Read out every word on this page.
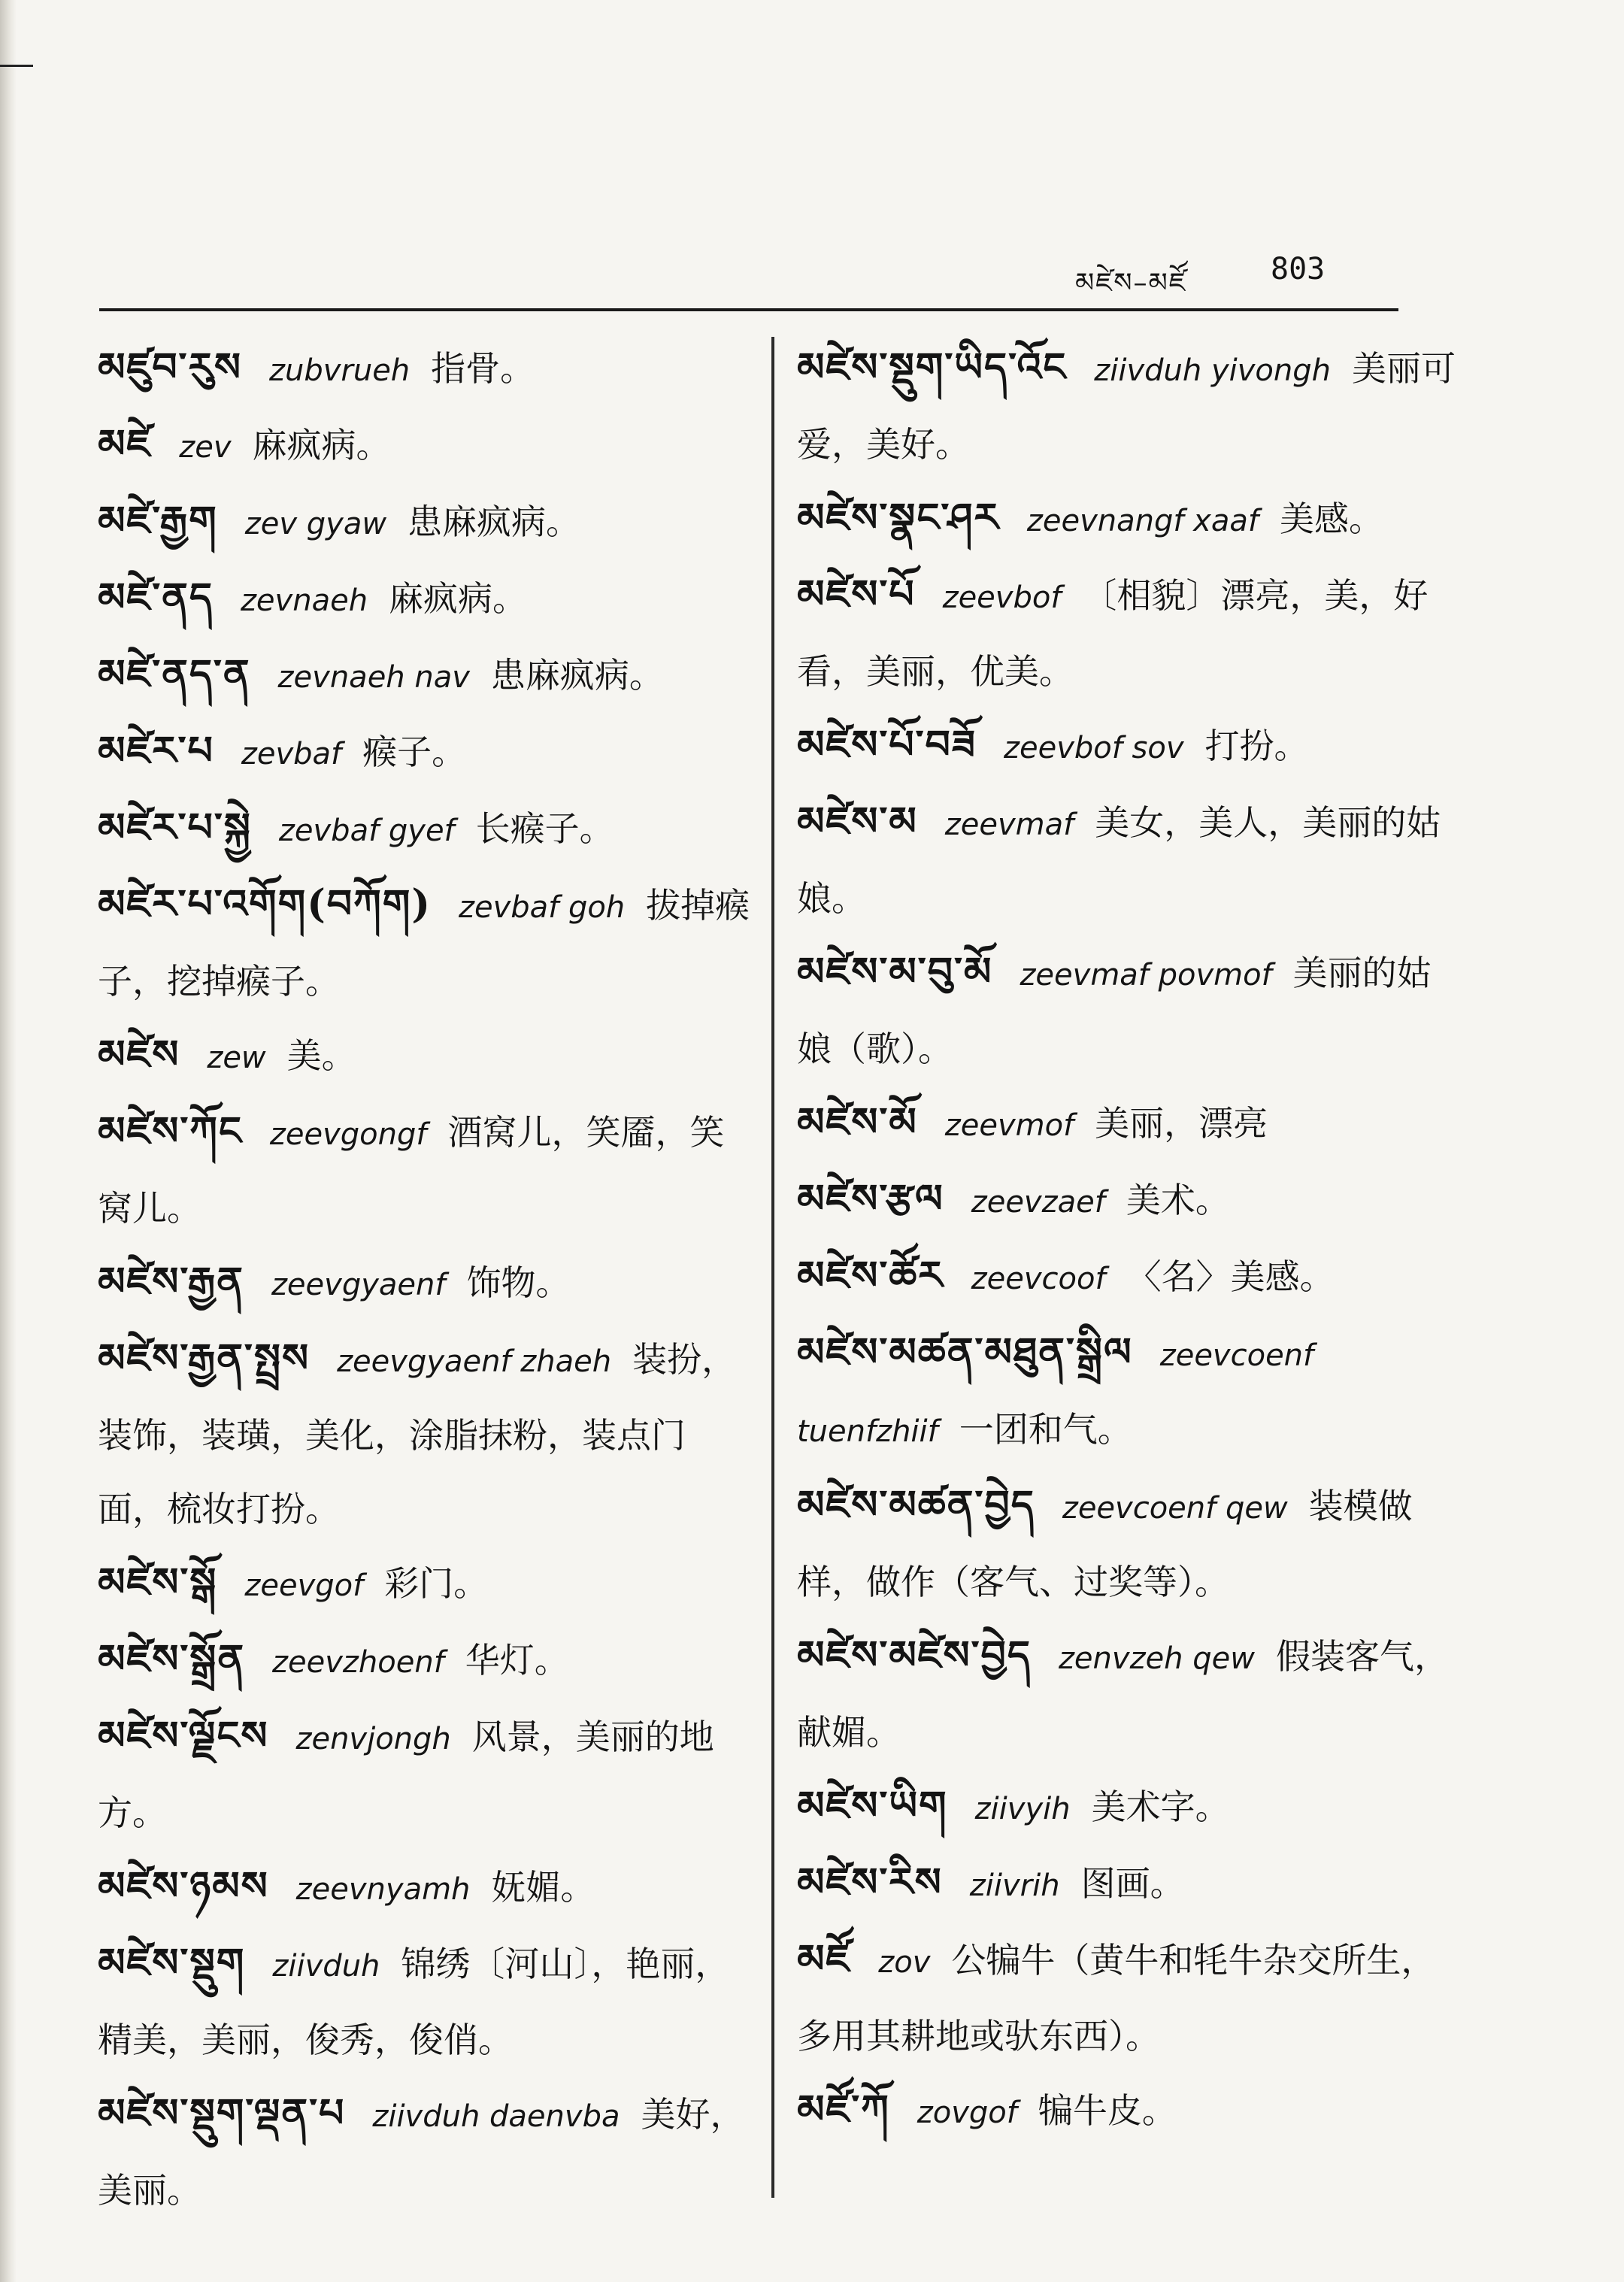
མཛེས–མཛོ	803

མཛུབ་རུས zubvrueh 指骨。

མཛེ zev 麻疯病。

མཛེ་རྒྱག zev gyaw 患麻疯病。

མཛེ་ནད zevnaeh 麻疯病。

མཛེ་ནད་ན zevnaeh nav 患麻疯病。

མཛེར་པ zevbaf 瘊子。

མཛེར་པ་སྐྱེ zevbaf gyef 长瘊子。

མཛེར་པ་འགོག(བཀོག) zevbaf goh 拔掉瘊子，挖掉瘊子。

མཛེས zew 美。

མཛེས་ཀོང zeevgongf 酒窝儿，笑靥，笑窝儿。

མཛེས་རྒྱན zeevgyaenf 饰物。

མཛེས་རྒྱན་སྤྲས zeevgyaenf zhaeh 装扮，装饰，装璜，美化，涂脂抹粉，装点门面，梳妆打扮。

མཛེས་སྒོ zeevgof 彩门。

མཛེས་སྒྲོན zeevzhoenf 华灯。

མཛེས་ལྗོངས zenvjongh 风景，美丽的地方。

མཛེས་ཉམས zeevnyamh 妩媚。

མཛེས་སྡུག ziivduh 锦绣〔河山〕，艳丽，精美，美丽，俊秀，俊俏。

མཛེས་སྡུག་ལྡན་པ ziivduh daenvba 美好，美丽。

མཛེས་སྡུག་ཡིད་འོང ziivduh yivongh 美丽可爱，美好。

མཛེས་སྣང་ཤར zeevnangf xaaf 美感。

མཛེས་པོ zeevbof 〔相貌〕漂亮，美，好看，美丽，优美。

མཛེས་པོ་བཟོ zeevbof sov 打扮。

མཛེས་མ zeevmaf 美女，美人，美丽的姑娘。

མཛེས་མ་བུ་མོ zeevmaf povmof 美丽的姑娘（歌）。

མཛེས་མོ zeevmof 美丽，漂亮

མཛེས་རྩལ zeevzaef 美术。

མཛེས་ཚོར zeevcoof 〈名〉美感。

མཛེས་མཚན་མཐུན་སྒྲིལ zeevcoenf tuenfzhiif 一团和气。

མཛེས་མཚན་བྱེད zeevcoenf qew 装模做样，做作（客气、过奖等）。

མཛེས་མཛེས་བྱེད zenvzeh qew 假装客气，献媚。

མཛེས་ཡིག ziivyih 美术字。

མཛེས་རིས ziivrih 图画。

མཛོ zov 公犏牛（黄牛和牦牛杂交所生，多用其耕地或驮东西）。

མཛོ་ཀོ zovgof 犏牛皮。
